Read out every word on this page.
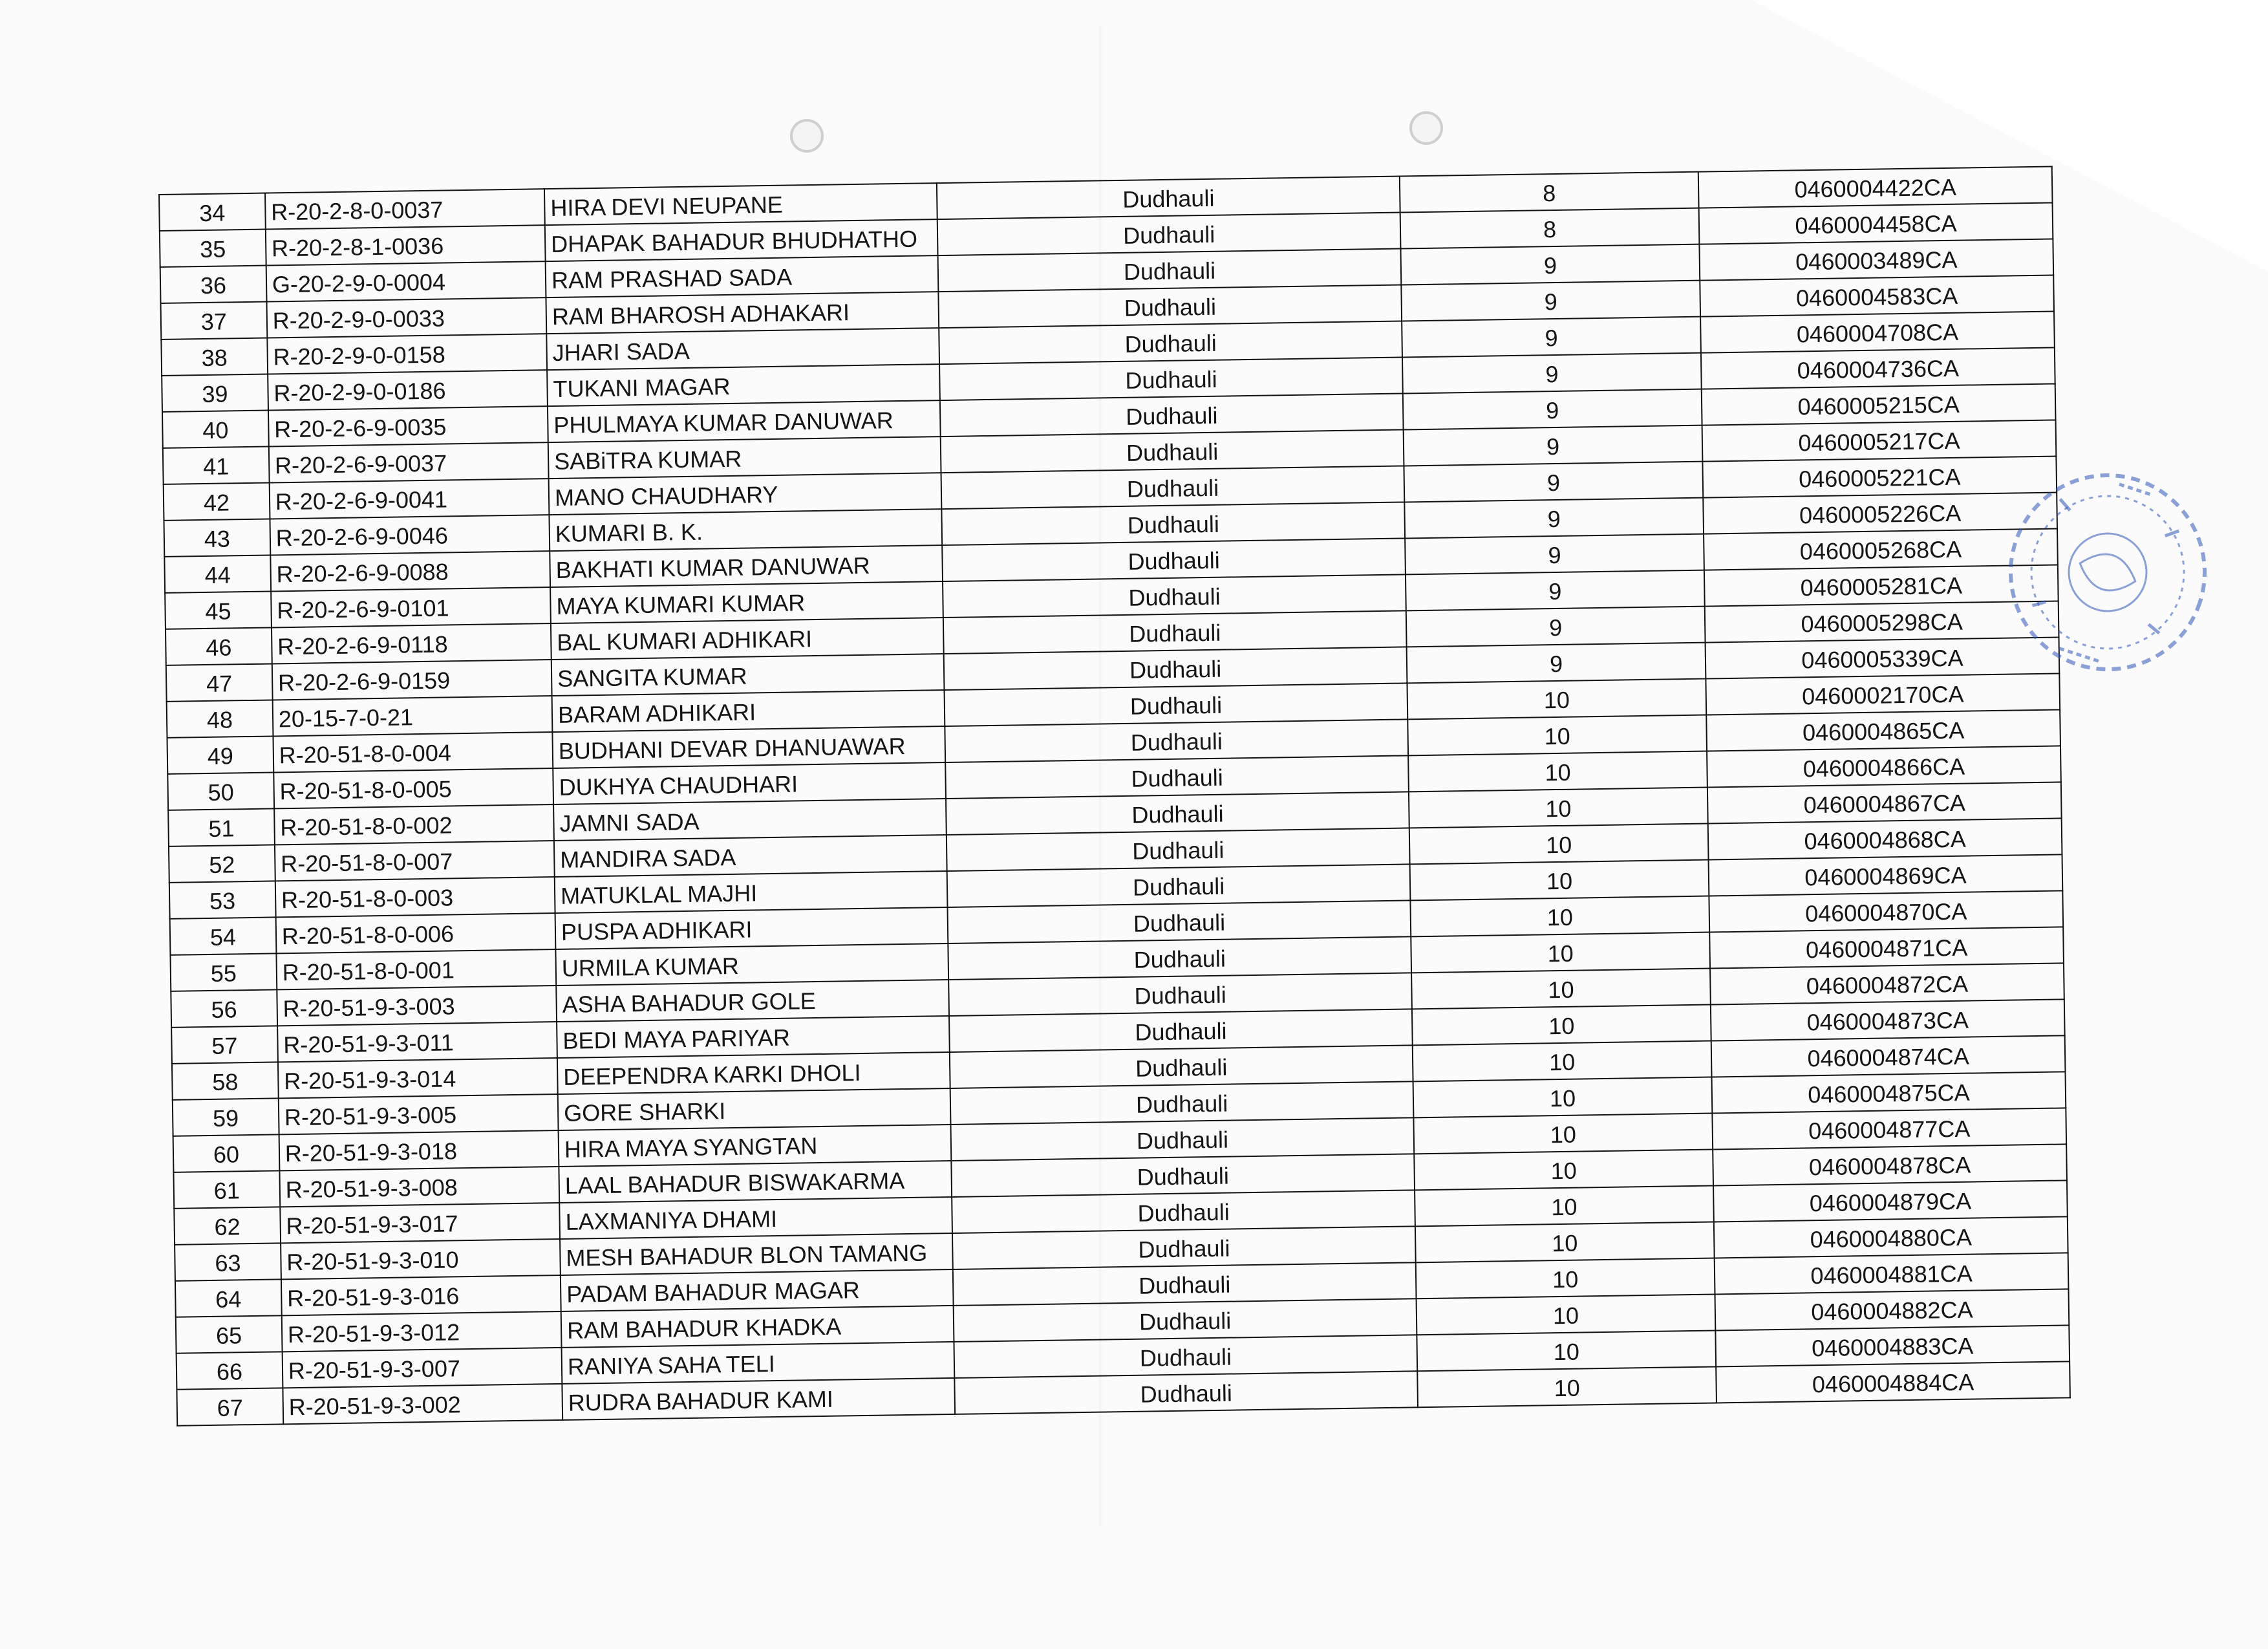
34	R-20-2-8-0-0037	HIRA DEVI NEUPANE	Dudhauli	8	0460004422CA
35	R-20-2-8-1-0036	DHAPAK BAHADUR BHUDHATHO	Dudhauli	8	0460004458CA
36	G-20-2-9-0-0004	RAM PRASHAD SADA	Dudhauli	9	0460003489CA
37	R-20-2-9-0-0033	RAM BHAROSH ADHAKARI	Dudhauli	9	0460004583CA
38	R-20-2-9-0-0158	JHARI SADA	Dudhauli	9	0460004708CA
39	R-20-2-9-0-0186	TUKANI MAGAR	Dudhauli	9	0460004736CA
40	R-20-2-6-9-0035	PHULMAYA KUMAR DANUWAR	Dudhauli	9	0460005215CA
41	R-20-2-6-9-0037	SABiTRA KUMAR	Dudhauli	9	0460005217CA
42	R-20-2-6-9-0041	MANO CHAUDHARY	Dudhauli	9	0460005221CA
43	R-20-2-6-9-0046	KUMARI B. K.	Dudhauli	9	0460005226CA
44	R-20-2-6-9-0088	BAKHATI KUMAR DANUWAR	Dudhauli	9	0460005268CA
45	R-20-2-6-9-0101	MAYA KUMARI KUMAR	Dudhauli	9	0460005281CA
46	R-20-2-6-9-0118	BAL KUMARI ADHIKARI	Dudhauli	9	0460005298CA
47	R-20-2-6-9-0159	SANGITA KUMAR	Dudhauli	9	0460005339CA
48	20-15-7-0-21	BARAM ADHIKARI	Dudhauli	10	0460002170CA
49	R-20-51-8-0-004	BUDHANI DEVAR DHANUAWAR	Dudhauli	10	0460004865CA
50	R-20-51-8-0-005	DUKHYA CHAUDHARI	Dudhauli	10	0460004866CA
51	R-20-51-8-0-002	JAMNI SADA	Dudhauli	10	0460004867CA
52	R-20-51-8-0-007	MANDIRA SADA	Dudhauli	10	0460004868CA
53	R-20-51-8-0-003	MATUKLAL MAJHI	Dudhauli	10	0460004869CA
54	R-20-51-8-0-006	PUSPA ADHIKARI	Dudhauli	10	0460004870CA
55	R-20-51-8-0-001	URMILA KUMAR	Dudhauli	10	0460004871CA
56	R-20-51-9-3-003	ASHA BAHADUR GOLE	Dudhauli	10	0460004872CA
57	R-20-51-9-3-011	BEDI MAYA PARIYAR	Dudhauli	10	0460004873CA
58	R-20-51-9-3-014	DEEPENDRA KARKI DHOLI	Dudhauli	10	0460004874CA
59	R-20-51-9-3-005	GORE SHARKI	Dudhauli	10	0460004875CA
60	R-20-51-9-3-018	HIRA MAYA SYANGTAN	Dudhauli	10	0460004877CA
61	R-20-51-9-3-008	LAAL BAHADUR BISWAKARMA	Dudhauli	10	0460004878CA
62	R-20-51-9-3-017	LAXMANIYA DHAMI	Dudhauli	10	0460004879CA
63	R-20-51-9-3-010	MESH BAHADUR BLON TAMANG	Dudhauli	10	0460004880CA
64	R-20-51-9-3-016	PADAM BAHADUR MAGAR	Dudhauli	10	0460004881CA
65	R-20-51-9-3-012	RAM BAHADUR KHADKA	Dudhauli	10	0460004882CA
66	R-20-51-9-3-007	RANIYA SAHA TELI	Dudhauli	10	0460004883CA
67	R-20-51-9-3-002	RUDRA BAHADUR KAMI	Dudhauli	10	0460004884CA
